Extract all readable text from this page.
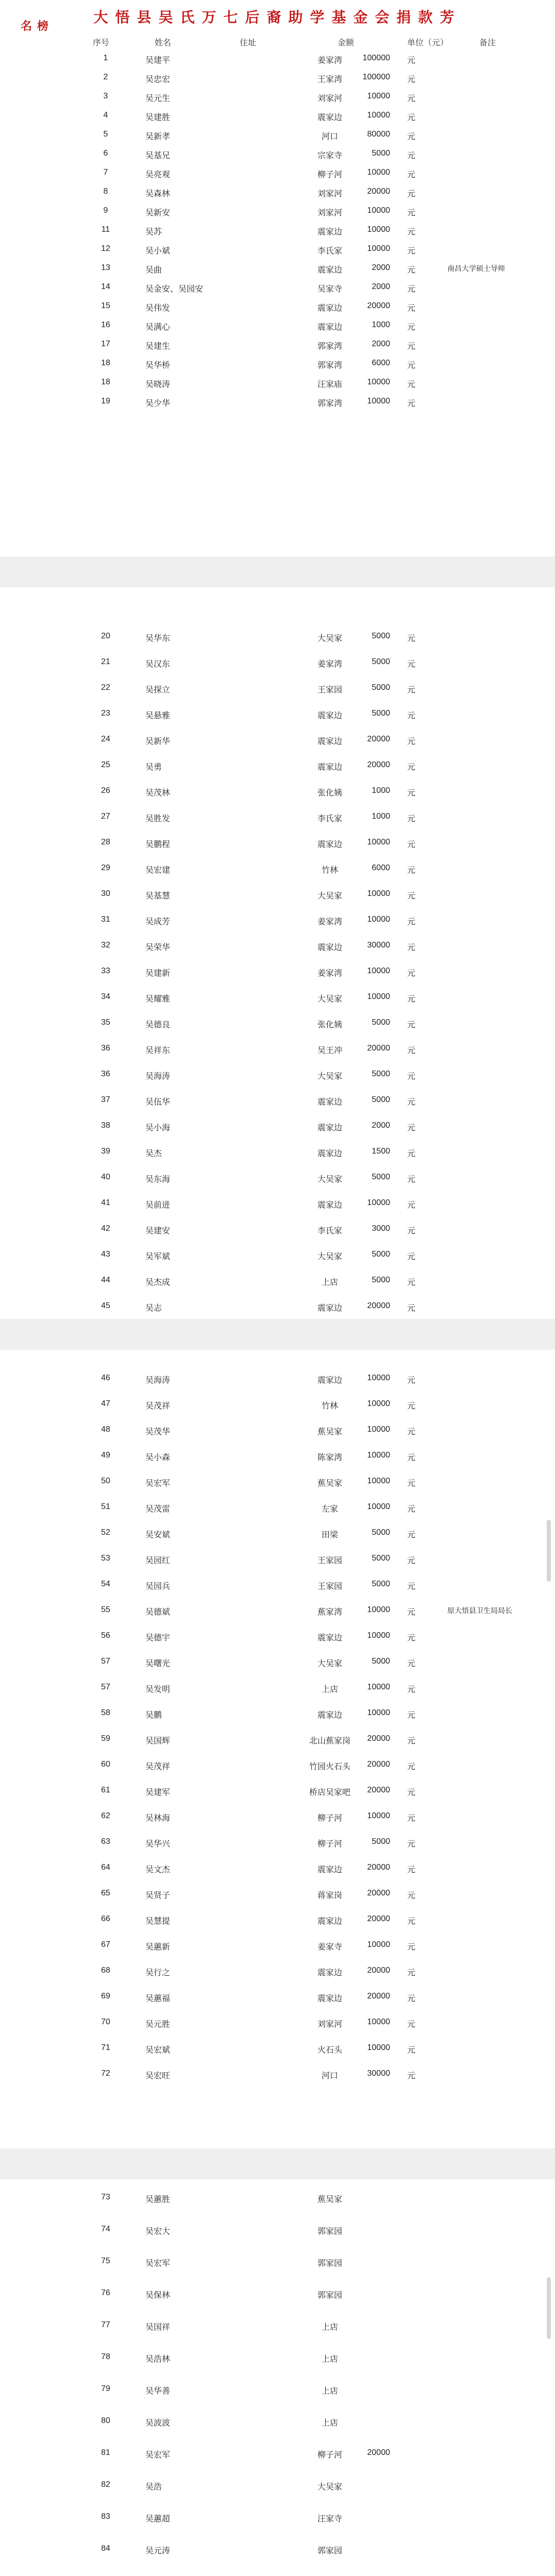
大悟县吴氏万七后裔助学基金会捐款芳
名榜
序号	姓名	住址	金额	单位（元）	备注
1	吴建平	姜家湾	100000 元
2	吴忠宏	王家湾	100000 元
3	吴元生	刘家河	10000 元
4	吴建胜	震家边	10000 元
5	吴新孝	河口	80000 元
6	吴基兄	宗家寺	5000 元
7	吴亮观	柳子河	10000 元
8	吴森林	刘家河	20000 元
9	吴新安	刘家河	10000 元
11	吴苏	震家边	10000 元
12	吴小斌	李氏家	10000 元
13	吴曲	震家边	2000 元	南昌大学硕士导师
14	吴金安、吴园安	吴家寺	2000 元
15	吴伟发	震家边	20000 元
16	吴满心	震家边	1000 元
17	吴建生	郭家湾	2000 元
18	吴华桥	郭家湾	6000 元
18	吴晓涛	汪家庙	10000 元
19	吴少华	郭家湾	10000 元
20	吴华东	大吴家	5000 元
21	吴汉东	姜家湾	5000 元
22	吴探立	王家园	5000 元
23	吴悬雅	震家边	5000 元
24	吴新华	震家边	20000 元
25	吴勇	震家边	20000 元
26	吴茂林	张化姨	1000 元
27	吴胜发	李氏家	1000 元
28	吴鹏程	震家边	10000 元
29	吴宏建	竹林	6000 元
30	吴基慧	大吴家	10000 元
31	吴成芳	姜家湾	10000 元
32	吴荣华	震家边	30000 元
33	吴建新	姜家湾	10000 元
34	吴耀雅	大吴家	10000 元
35	吴德良	张化姨	5000 元
36	吴祥东	吴王冲	20000 元
36	吴海涛	大吴家	5000 元
37	吴伍华	震家边	5000 元
38	吴小海	震家边	2000 元
39	吴杰	震家边	1500 元
40	吴东海	大吴家	5000 元
41	吴前进	震家边	10000 元
42	吴建安	李氏家	3000 元
43	吴军斌	大吴家	5000 元
44	吴杰成	上店	5000 元
45	吴志	震家边	20000 元
46	吴海涛	震家边	10000 元
47	吴茂祥	竹林	10000 元
48	吴茂华	蕉吴家	10000 元
49	吴小森	陈家湾	10000 元
50	吴宏军	蕉吴家	10000 元
51	吴茂雷	左家	10000 元
52	吴安斌	田梁	5000 元
53	吴园红	王家园	5000 元
54	吴园兵	王家园	5000 元
55	吴德斌	蕉家湾	10000 元	原大悟县卫生局局长
56	吴德宇	震家边	10000 元
57	吴曙光	大吴家	5000 元
57	吴发明	上店	10000 元
58	吴鹏	震家边	10000 元
59	吴国辉	北山蕉家岗	20000 元
60	吴茂祥	竹园火石头	20000 元
61	吴建军	桥店吴家吧	20000 元
62	吴林海	柳子河	10000 元
63	吴华兴	柳子河	5000 元
64	吴文杰	震家边	20000 元
65	吴贤子	蒋家岗	20000 元
66	吴慧提	震家边	20000 元
67	吴蕙新	姜家寺	10000 元
68	吴行之	震家边	20000 元
69	吴蕙福	震家边	20000 元
70	吴元胜	刘家河	10000 元
71	吴宏斌	火石头	10000 元
72	吴宏旺	河口	30000 元
73	吴蕙胜	蕉吴家
74	吴宏大	郭家园
75	吴宏军	郭家园
76	吴保林	郭家园
77	吴国祥	上店
78	吴浩林	上店
79	吴华善	上店
80	吴波波	上店
81	吴宏军	柳子河	20000
82	吴浩	大吴家
83	吴蕙超	汪家寺
84	吴元涛	郭家园
